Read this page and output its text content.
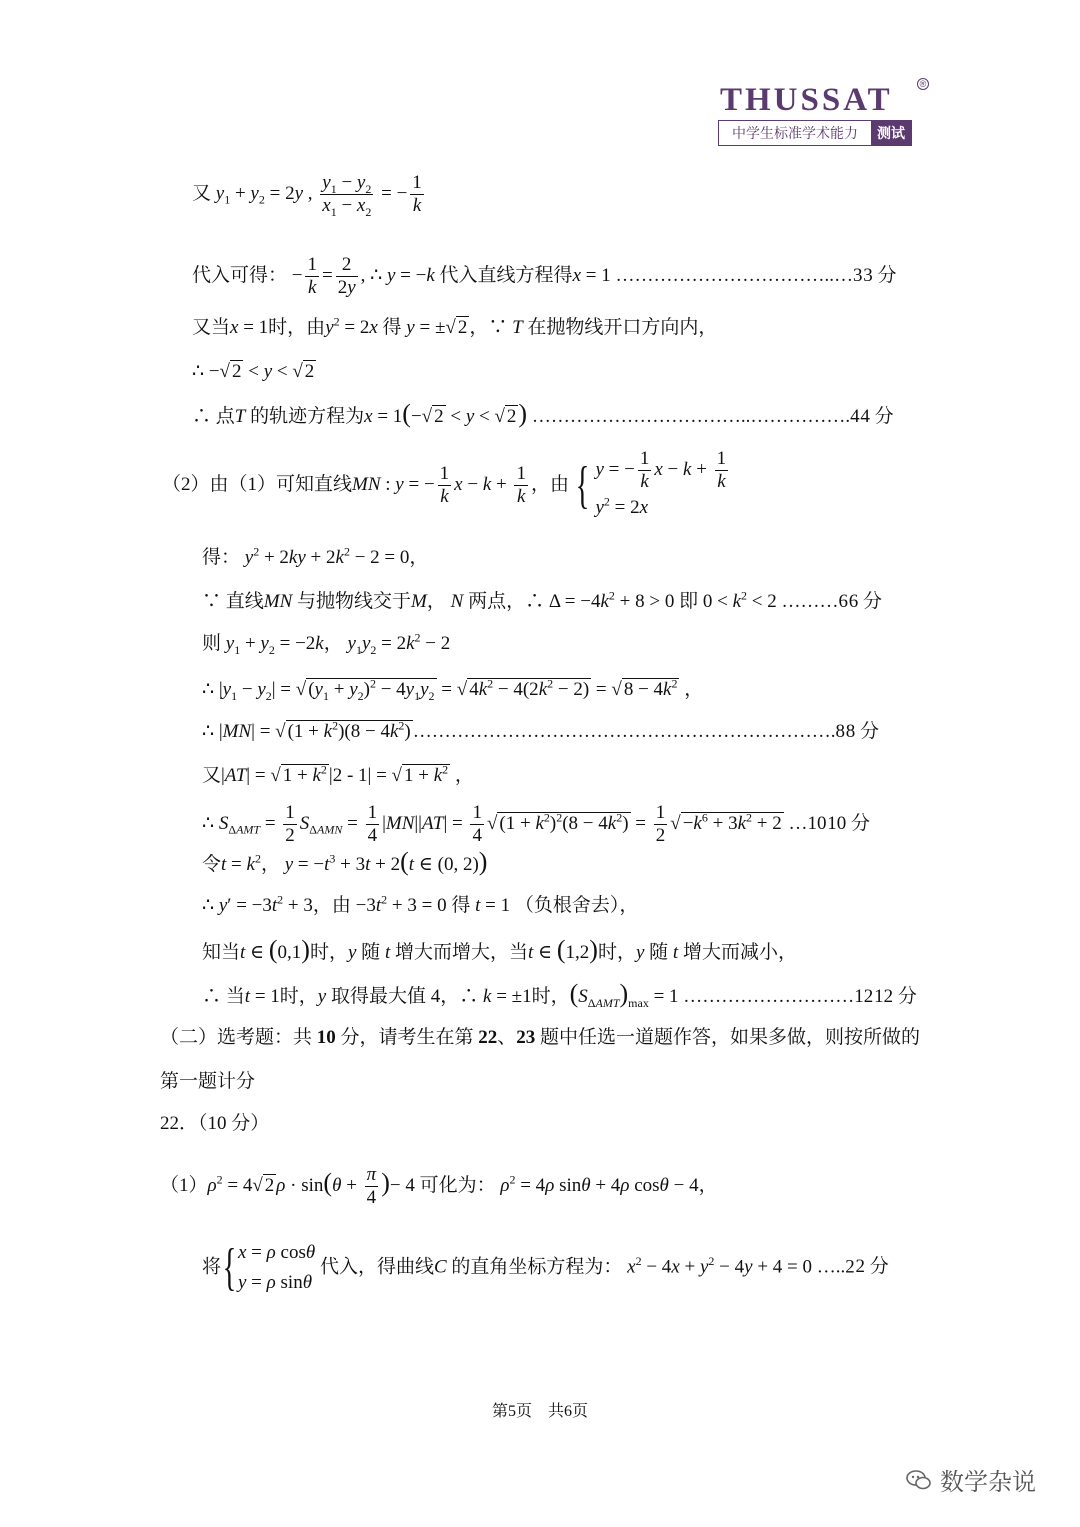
THUSSAT	®
中学生标准学术能力	测试
又 $y_1 + y_2 = 2y$ , $\frac{y_1 - y_2}{x_1 - x_2}$ = − $\frac{1}{k}$
代入可得： − $\frac{1}{k} = \frac{2}{2y}$ , ∴ y = −k 代入直线方程得x = 1 ……………………………..…3 3 分
又当x = 1时，由$y^2 = 2x$ 得 y = ±√ 2 ，∵ T 在抛物线开口方向内，
∴ −√ 2 < y < √ 2
∴ 点T 的轨迹方程为x = 1(−√ 2 < y < √ 2) ……………………………..…………….4 4 分
（2）由（1）可知直线MN : y = − $\frac{1}{k}$ $x - k + \frac{1}{k}$ ，由 { y = − $\frac{1}{k}$ $x - k + \frac{1}{k}$
$y^2 = 2x$
得： $y^2 + 2ky + 2k^2 - 2 = 0$，
∵ 直线MN 与抛物线交于M， N 两点，∴ $\Delta = -4k^2 + 8 > 0$ 即 $0 < k^2 < 2$ ………6 6 分
则 $y_1 + y_2 = -2k$， $y_1y_2 = 2k^2 - 2$
∴ $|y_1 - y_2|$ = √ $(y_1 + y_2)^2 - 4y_1y_2$ = √ $4k^2 - 4(2k^2 - 2)$ = √ $8 - 4k^2$ ，
∴ |MN| = √ $(1 + k^2)(8 - 4k^2)$ ………………………………………………………….8 8 分
又|AT| = √ $1 + k^2$ |2 - 1| = √ $1 + k^2$ ，
∴ $S_{\Delta AMT} = \frac{1}{2} S_{\Delta AMN} = \frac{1}{4} |MN||AT| = \frac{1}{4}$ √ $(1 + k^2)^2(8 - 4k^2) = \frac{1}{2}$ √ $-k^6 + 3k^2 + 2$ …10 10 分
令$t = k^2$， $y = -t^3 + 3t + 2(t$ ∈ (0, 2))
∴ $y' = -3t^2 + 3$，由 $-3t^2 + 3 = 0$ 得 t = 1 （负根舍去），
知当t ∈ (0,1)时，y 随 t 增大而增大，当t ∈ (1,2)时，y 随 t 增大而减小，
∴ 当t = 1时，y 取得最大值 4，∴ k = ±1时，$(S_{\Delta AMT})_{max} = 1$ ………………………12 12 分
（二）选考题：共 10 分，请考生在第 22、23 题中任选一道题作答，如果多做，则按所做的
第一题计分
22．（10 分）
$(1)\rho^2 = 4√$ 2 $\rho \cdot \sin(\theta + \frac{\pi}{4}$ )− 4 可化为： $\rho^2 = 4\rho$ sinθ + 4ρ cosθ − 4，
将{ x = ρ cosθ
y = ρ sinθ
代入，得曲线C 的直角坐标方程为： $x^2 - 4x + y^2 - 4y + 4 = 0$ …..2 2 分
第5页　共6页
数学杂说
